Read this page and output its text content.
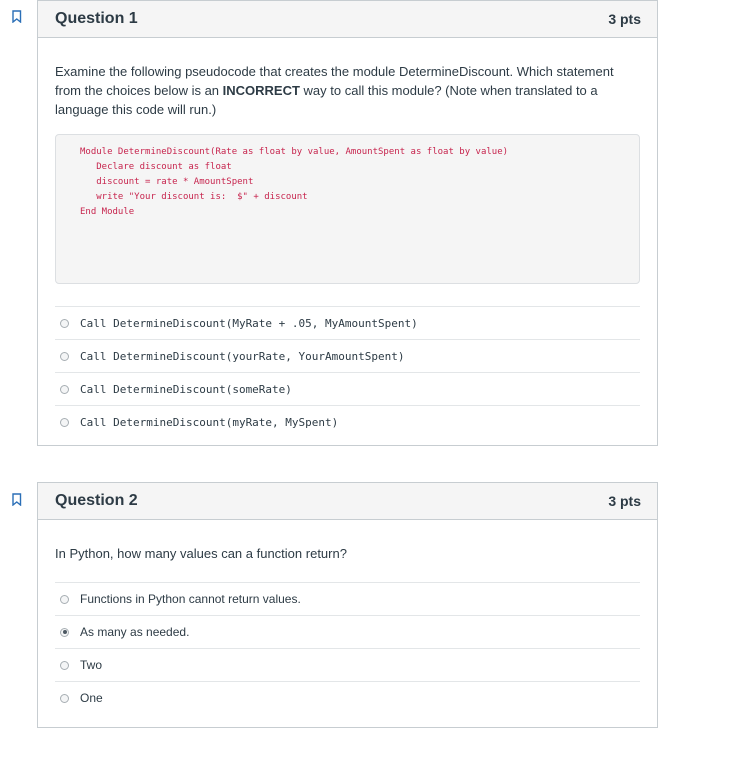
Question 1	3 pts
Examine the following pseudocode that creates the module DetermineDiscount. Which statement from the choices below is an INCORRECT way to call this module? (Note when translated to a language this code will run.)
Module DetermineDiscount(Rate as float by value, AmountSpent as float by value)
Declare discount as float
discount = rate * AmountSpent
write "Your discount is:  $" + discount
End Module
Call DetermineDiscount(MyRate + .05, MyAmountSpent)
Call DetermineDiscount(yourRate, YourAmountSpent)
Call DetermineDiscount(someRate)
Call DetermineDiscount(myRate, MySpent)
Question 2	3 pts
In Python, how many values can a function return?
Functions in Python cannot return values.
As many as needed.
Two
One
